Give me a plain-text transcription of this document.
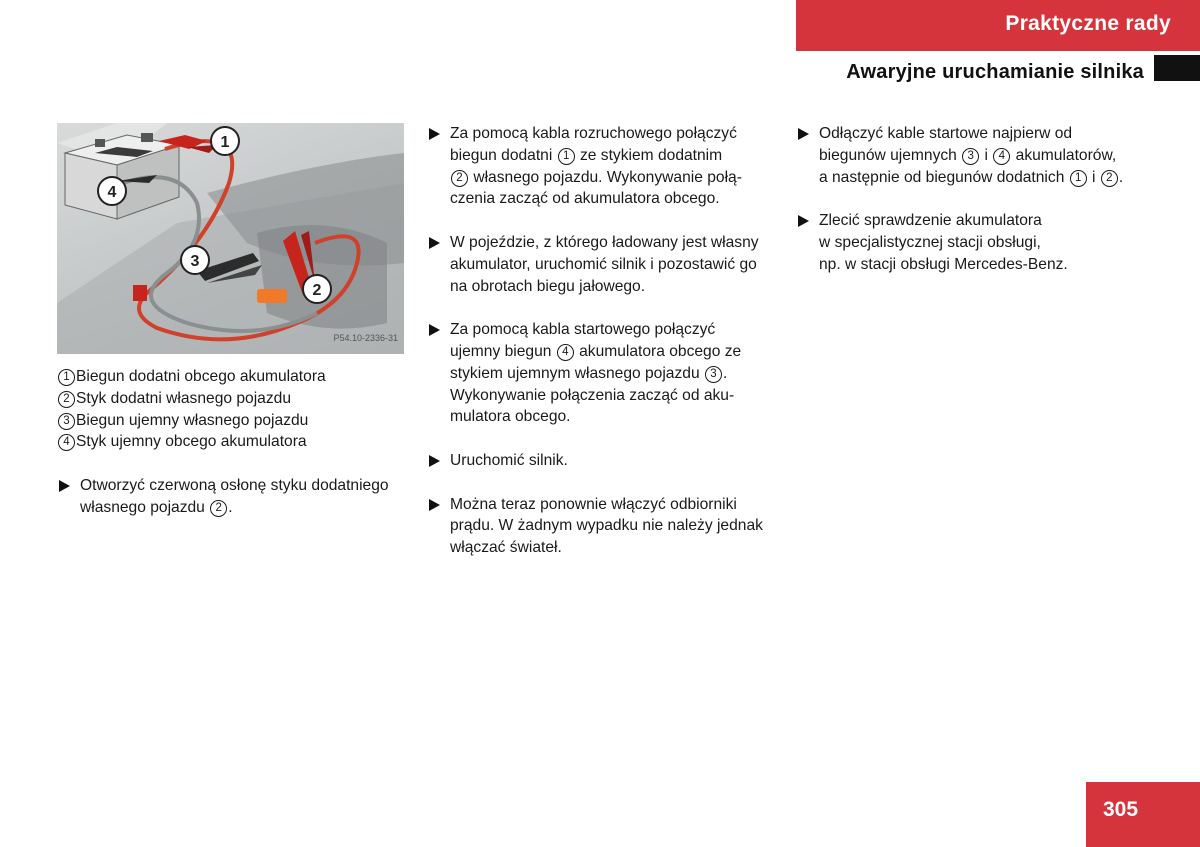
Praktyczne rady
Awaryjne uruchamianie silnika
1
4
3
2
P54.10-2336-31
1 Biegun dodatni obcego akumulatora
2 Styk dodatni własnego pojazdu
3 Biegun ujemny własnego pojazdu
4 Styk ujemny obcego akumulatora
Otworzyć czerwoną osłonę styku dodatniego
własnego pojazdu 2 .
Za pomocą kabla rozruchowego połączyć
biegun dodatni 1 ze stykiem dodatnim
2 własnego pojazdu. Wykonywanie połą-
czenia zacząć od akumulatora obcego.
W pojeździe, z którego ładowany jest własny
akumulator, uruchomić silnik i pozostawić go
na obrotach biegu jałowego.
Za pomocą kabla startowego połączyć
ujemny biegun 4 akumulatora obcego ze
stykiem ujemnym własnego pojazdu 3 .
Wykonywanie połączenia zacząć od aku-
mulatora obcego.
Uruchomić silnik.
Można teraz ponownie włączyć odbiorniki
prądu. W żadnym wypadku nie należy jednak
włączać świateł.
Odłączyć kable startowe najpierw od
biegunów ujemnych 3 i 4 akumulatorów,
a następnie od biegunów dodatnich 1 i 2 .
Zlecić sprawdzenie akumulatora
w specjalistycznej stacji obsługi,
np. w stacji obsługi Mercedes-Benz.
305
